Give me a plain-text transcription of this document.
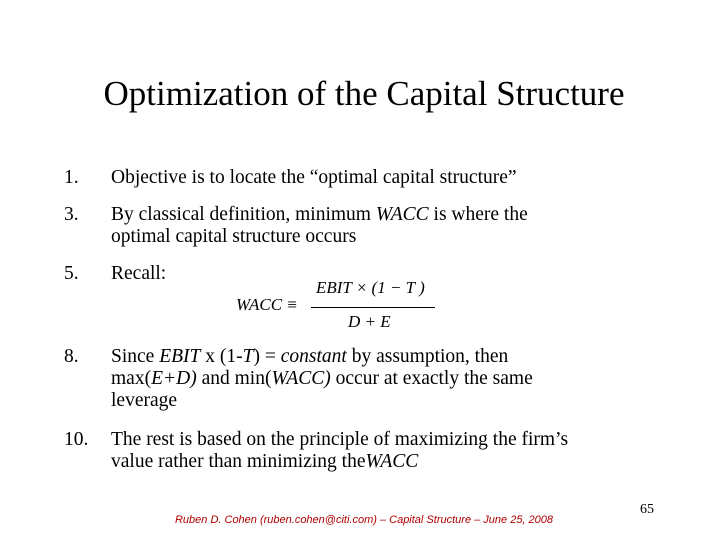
Optimization of the Capital Structure
1. Objective is to locate the “optimal capital structure”
3. By classical definition, minimum WACC is where the
optimal capital structure occurs
5. Recall:
WACC ≡
EBIT × (1 − T )
D + E
8. Since EBIT x (1-T) = constant by assumption, then
max(E+D) and min(WACC) occur at exactly the same
leverage
10. The rest is based on the principle of maximizing the firm’s
value rather than minimizing theWACC
65
Ruben D. Cohen (ruben.cohen@citi.com) – Capital Structure – June 25, 2008
